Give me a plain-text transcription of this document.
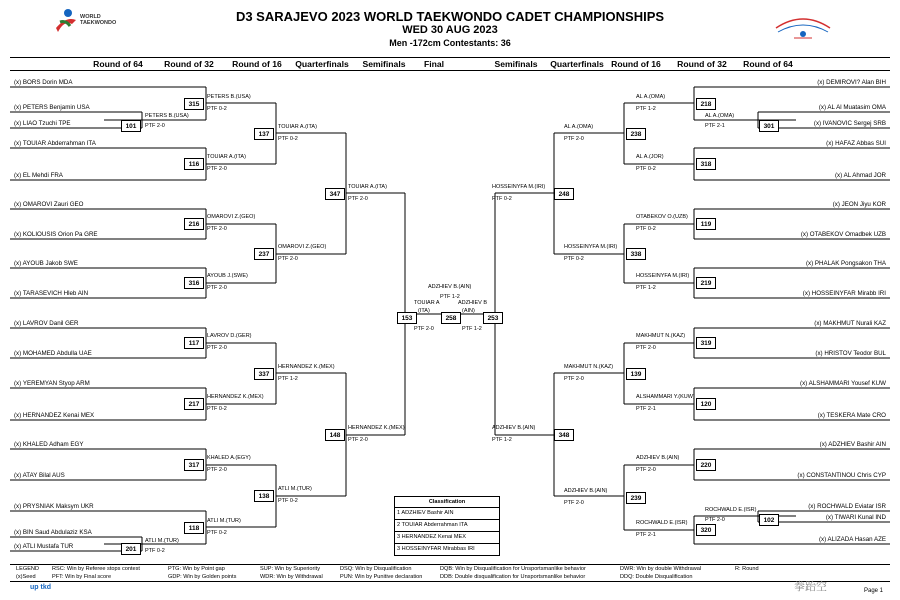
WORLD TAEKWONDO	D3 SARAJEVO 2023 WORLD TAEKWONDO CADET CHAMPIONSHIPS
WED 30 AUG 2023
Men -172cm Contestants: 36
Round of 64 Round of 32 Round of 16 Quarterfinals Semifinals Final	Semifinals Quarterfinals Round of 16 Round of 32 Round of 64
(x) BORS Dorin MDA
(x) PETERS Benjamin USA
(x) LIAO Tzuchi TPE
(x) TOUIAR Abderrahman ITA
(x) EL Mehdi FRA
(x) OMAROVI Zauri GEO
(x) KOLIOUSIS Orion Pa GRE
(x) AYOUB Jakob SWE
(x) TARASEVICH Hleb AIN
(x) LAVROV Danil GER
(x) MOHAMED Abdulla UAE
(x) YEREMYAN Styop ARM
(x) HERNANDEZ Kenai MEX
(x) KHALED Adham EGY
(x) ATAY Bilal AUS
(x) PRYSNIAK Maksym UKR
(x) BIN Saud Abdulaziz KSA
(x) ATLI Mustafa TUR
101
PETERS B.(USA)
PTF 2-0
201
ATLI M.(TUR)
PTF 0-2
315
PETERS B.(USA)
PTF 0-2
116
TOUIAR A.(ITA)
PTF 2-0
216
OMAROVI Z.(GEO)
PTF 2-0
316
AYOUB J.(SWE)
PTF 2-0
117
LAVROV D.(GER)
PTF 2-0
217
HERNANDEZ K.(MEX)
PTF 0-2
317
KHALED A.(EGY)
PTF 2-0
118
ATLI M.(TUR)
PTF 0-2
137
TOUIAR A.(ITA)
PTF 0-2
237
OMAROVI Z.(GEO)
PTF 2-0
337
HERNANDEZ K.(MEX)
PTF 1-2
138
ATLI M.(TUR)
PTF 0-2
347
TOUIAR A.(ITA)
PTF 2-0
148
HERNANDEZ K.(MEX)
PTF 2-0
(x) DEMIROVI? Alan BIH
(x) AL Al Muatasim OMA
(x) IVANOVIC Sergej SRB
(x) HAFAZ Abbas SUI
(x) AL Ahmad JOR
(x) JEON Jiyu KOR
(x) OTABEKOV Omadbek UZB
(x) PHALAK Pongsakon THA
(x) HOSSEINYFAR Mirabb IRI
(x) MAKHMUT Nurali KAZ
(x) HRISTOV Teodor BUL
(x) ALSHAMMARI Yousef KUW
(x) TESKERA Mate CRO
(x) ADZHIEV Bashir AIN
(x) CONSTANTINOU Chris CYP
(x) ROCHWALD Eviatar ISR
(x) TIWARI Kunal IND
(x) ALIZADA Hasan AZE
301
AL A.(OMA)
PTF 2-1
102
ROCHWALD E.(ISR)
PTF 2-0
218
AL A.(OMA)
PTF 1-2
318
AL A.(JOR)
PTF 0-2
119
OTABEKOV O.(UZB)
PTF 0-2
219
HOSSEINYFA M.(IRI)
PTF 1-2
319
MAKHMUT N.(KAZ)
PTF 2-0
120
ALSHAMMARI Y.(KUW)
PTF 2-1
220
ADZHIEV B.(AIN)
PTF 2-0
320
ROCHWALD E.(ISR)
PTF 2-1
238
AL A.(OMA)
PTF 2-0
338
HOSSEINYFA M.(IRI)
PTF 0-2
139
MAKHMUT N.(KAZ)
PTF 2-0
239
ADZHIEV B.(AIN)
PTF 2-0
248
HOSSEINYFA M.(IRI)
PTF 0-2
348
ADZHIEV B.(AIN)
PTF 1-2
153	258	253
TOUIAR A
(ITA)
PTF 2-0
ADZHIEV B.(AIN)
PTF 1-2
ADZHIEV B
(AIN)
PTF 1-2
Classification
1 ADZHIEV Bashir AIN
2 TOUIAR Abderrahman ITA
3 HERNANDEZ Kenai MEX
3 HOSSEINYFAR Mirabbas IRI
LEGEND
(x)Seed
RSC: Win by Referee stops contest
PFT: Win by Final score
PTG: Win by Point gap
GDP: Win by Golden points
SUP: Win by Superiority
WDR: Win by Withdrawal
DSQ: Win by Disqualification
PUN: Win by Punitive declaration
DQB: Win by Disqualification for Unsportsmanlike behavior
DDB: Double disqualification for Unsportsmanlike behavior
DWR: Win by double Withdrawal
DDQ: Double Disqualification
R: Round
up tkd	拳跆空	Page 1
